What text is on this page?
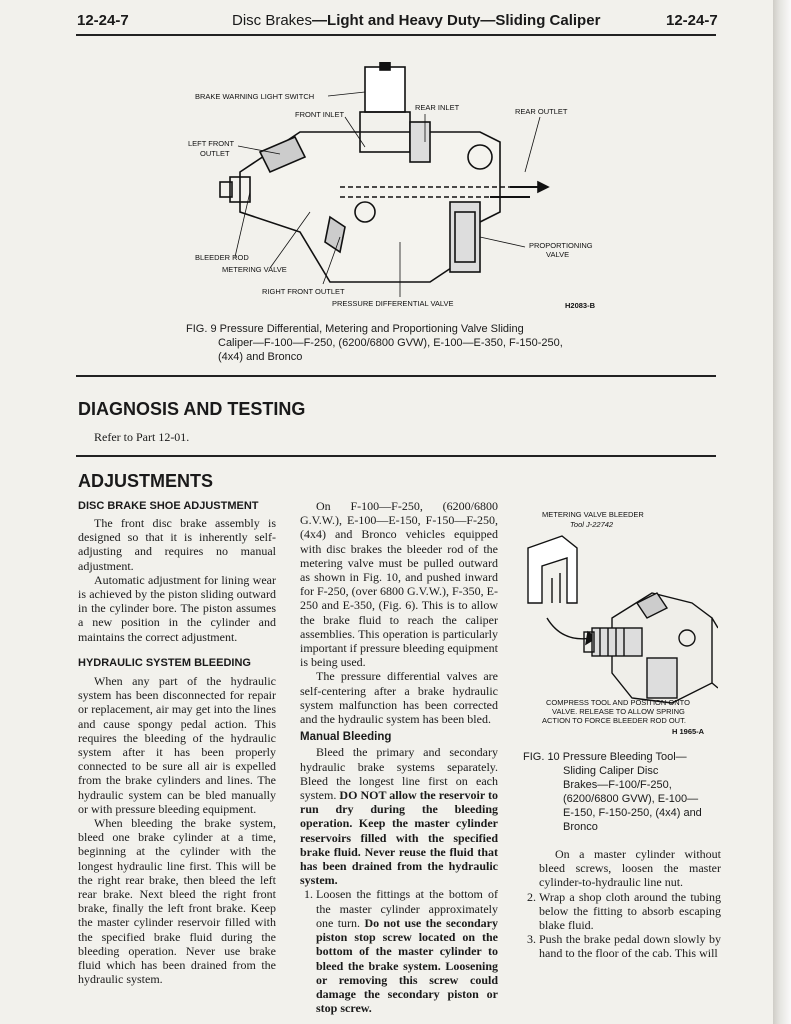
12-24-7	Disc Brakes—Light and Heavy Duty—Sliding Caliper	12-24-7
BRAKE WARNING LIGHT SWITCH
FRONT INLET
REAR INLET	REAR OUTLET
LEFT FRONT
OUTLET
PROPORTIONING
VALVE
BLEEDER ROD
METERING VALVE
RIGHT FRONT OUTLET
PRESSURE DIFFERENTIAL VALVE	H2083-B
FIG. 9 Pressure Differential, Metering and Proportioning Valve Sliding

Caliper—F-100—F-250, (6200/6800 GVW), E-100—E-350, F-150-250,
(4x4) and Bronco
DIAGNOSIS AND TESTING

Refer to Part 12-01.

ADJUSTMENTS
DISC BRAKE SHOE ADJUSTMENT

The front disc brake assembly is designed so that it is inherently self-adjusting and requires no manual adjustment.

Automatic adjustment for lining wear is achieved by the piston sliding outward in the cylinder bore. The piston assumes a new position in the cylinder and maintains the correct adjustment.

HYDRAULIC SYSTEM BLEEDING

When any part of the hydraulic system has been disconnected for repair or replacement, air may get into the lines and cause spongy pedal action. This requires the bleeding of the hydraulic system after it has been properly connected to be sure all air is expelled from the brake cylinders and lines. The hydraulic system can be bled manually or with pressure bleeding equipment.

When bleeding the brake system, bleed one brake cylinder at a time, beginning at the cylinder with the longest hydraulic line first. This will be the right rear brake, then bleed the left rear brake. Next bleed the right front brake, finally the left front brake. Keep the master cylinder reservoir filled with the specified brake fluid during the bleeding operation. Never use brake fluid which has been drained from the hydraulic system.

On F-100—F-250, (6200/6800 G.V.W.), E-100—E-150, F-150—F-250, (4x4) and Bronco vehicles equipped with disc brakes the bleeder rod of the metering valve must be pulled outward as shown in Fig. 10, and pushed inward for F-250, (over 6800 G.V.W.), F-350, E-250 and E-350, (Fig. 6). This is to allow the brake fluid to reach the caliper assemblies. This operation is particularly important if pressure bleeding equipment is being used.

The pressure differential valves are self-centering after a brake hydraulic system malfunction has been corrected and the hydraulic system has been bled.

Manual Bleeding

Bleed the primary and secondary hydraulic brake systems separately. Bleed the longest line first on each system. DO NOT allow the reservoir to run dry during the bleeding operation. Keep the master cylinder reservoirs filled with the specified brake fluid. Never reuse the fluid that has been drained from the hydraulic system.

1. Loosen the fittings at the bottom of the master cylinder approximately one turn. Do not use the secondary piston stop screw located on the bottom of the master cylinder to bleed the brake system. Loosening or removing this screw could damage the secondary piston or stop screw.
METERING VALVE BLEEDER
Tool J-22742
COMPRESS TOOL AND POSITION ONTO
VALVE. RELEASE TO ALLOW SPRING
ACTION TO FORCE BLEEDER ROD OUT.
H 1965-A
FIG. 10 Pressure Bleeding Tool—
Sliding Caliper Disc
Brakes—F-100/F-250,
(6200/6800 GVW), E-100—
E-150, F-150-250, (4x4) and
Bronco

On a master cylinder without bleed screws, loosen the master cylinder-to-hydraulic line nut.

2. Wrap a shop cloth around the tubing below the fitting to absorb escaping blake fluid.
3. Push the brake pedal down slowly by hand to the floor of the cab. This will
